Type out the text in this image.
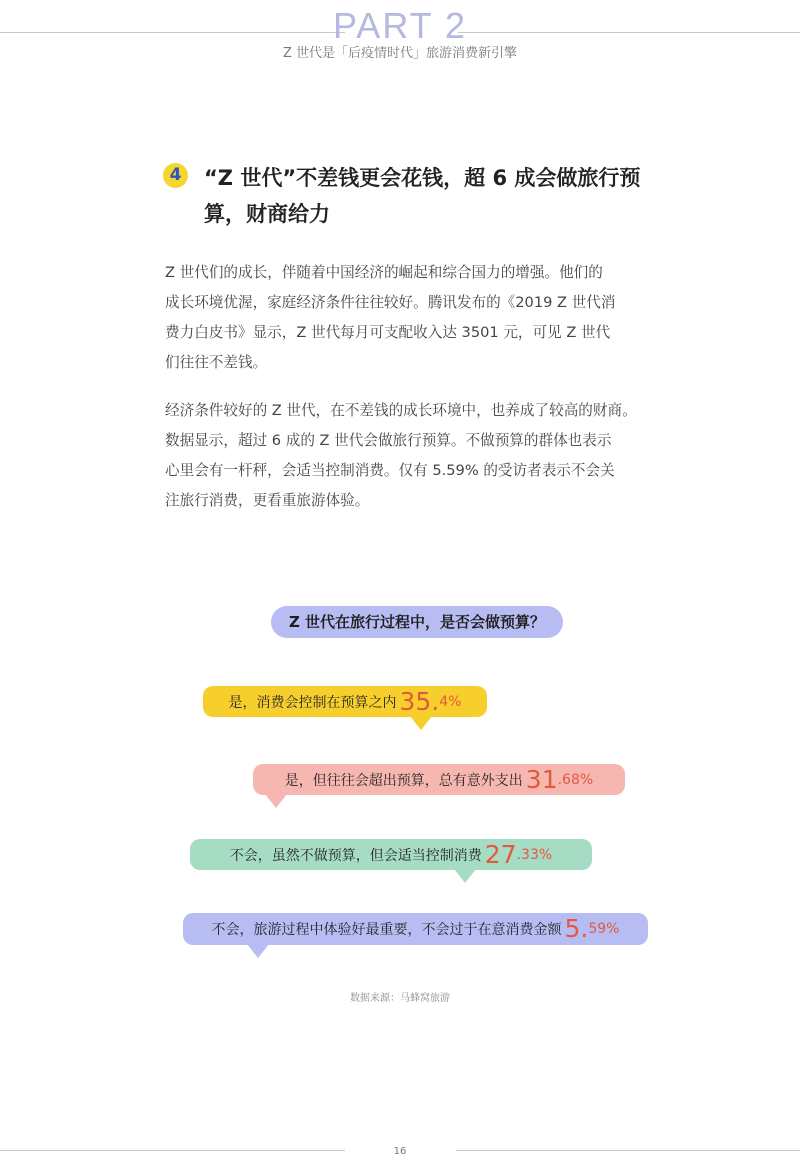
PART 2
Z 世代是「后疫情时代」旅游消费新引擎
4	“Z 世代”不差钱更会花钱，超 6 成会做旅行预
算，财商给力
Z 世代们的成长，伴随着中国经济的崛起和综合国力的增强。他们的
成长环境优渥，家庭经济条件往往较好。腾讯发布的《2019 Z 世代消
费力白皮书》显示，Z 世代每月可支配收入达 3501 元，可见 Z 世代
们往往不差钱。
经济条件较好的 Z 世代，在不差钱的成长环境中，也养成了较高的财商。
数据显示，超过 6 成的 Z 世代会做旅行预算。不做预算的群体也表示
心里会有一杆秤，会适当控制消费。仅有 5.59% 的受访者表示不会关
注旅行消费，更看重旅游体验。
Z 世代在旅行过程中，是否会做预算？
是，消费会控制在预算之内 35. 4%
是，但往往会超出预算，总有意外支出 31 .68%
不会，虽然不做预算，但会适当控制消费 27 .33%
不会，旅游过程中体验好最重要，不会过于在意消费金额 5. 59%
数据来源：马蜂窝旅游
16
